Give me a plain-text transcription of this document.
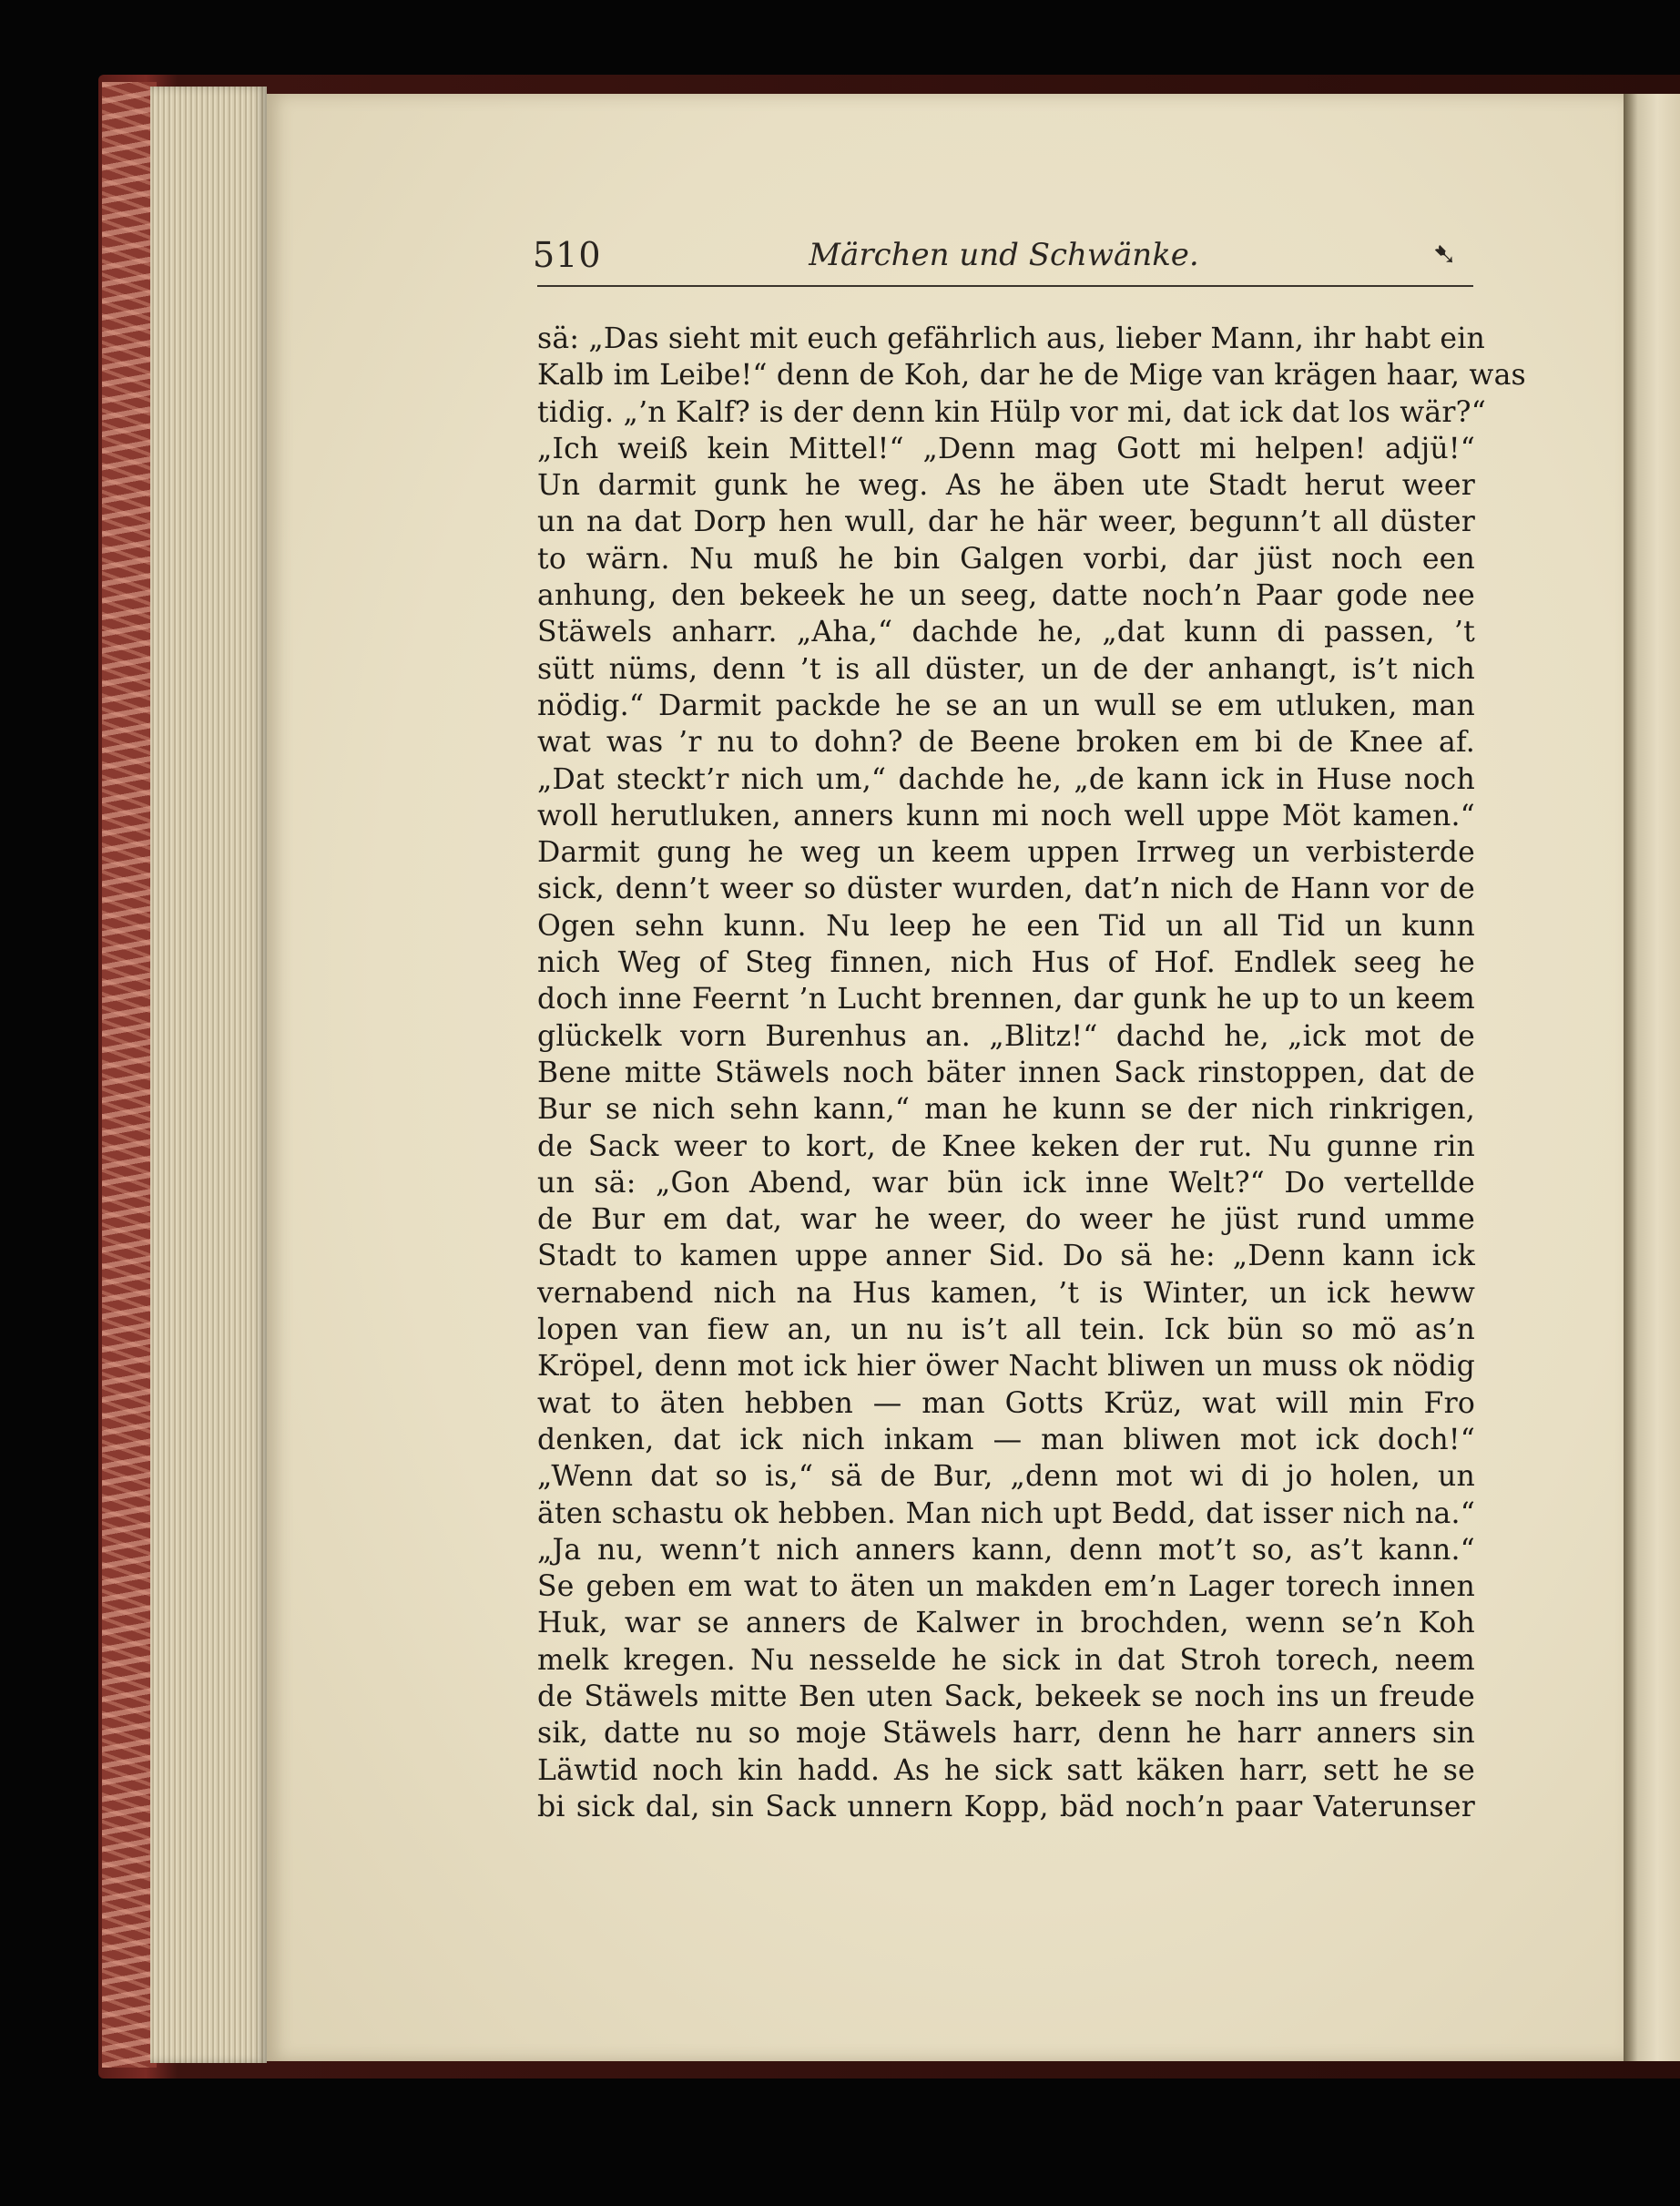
510	Märchen und Schwänke.	➷
sä: „Das sieht mit euch gefährlich aus, lieber Mann, ihr habt ein
Kalb im Leibe!“ denn de Koh, dar he de Mige van krägen haar, was
tidig. „’n Kalf? is der denn kin Hülp vor mi, dat ick dat los wär?“
„Ich weiß kein Mittel!“ „Denn mag Gott mi helpen! adjü!“
Un darmit gunk he weg. As he äben ute Stadt herut weer
un na dat Dorp hen wull, dar he här weer, begunn’t all düster
to wärn. Nu muß he bin Galgen vorbi, dar jüst noch een
anhung, den bekeek he un seeg, datte noch’n Paar gode nee
Stäwels anharr. „Aha,“ dachde he, „dat kunn di passen, ’t
sütt nüms, denn ’t is all düster, un de der anhangt, is’t nich
nödig.“ Darmit packde he se an un wull se em utluken, man
wat was ’r nu to dohn? de Beene broken em bi de Knee af.
„Dat steckt’r nich um,“ dachde he, „de kann ick in Huse noch
woll herutluken, anners kunn mi noch well uppe Möt kamen.“
Darmit gung he weg un keem uppen Irrweg un verbisterde
sick, denn’t weer so düster wurden, dat’n nich de Hann vor de
Ogen sehn kunn. Nu leep he een Tid un all Tid un kunn
nich Weg of Steg finnen, nich Hus of Hof. Endlek seeg he
doch inne Feernt ’n Lucht brennen, dar gunk he up to un keem
glückelk vorn Burenhus an. „Blitz!“ dachd he, „ick mot de
Bene mitte Stäwels noch bäter innen Sack rinstoppen, dat de
Bur se nich sehn kann,“ man he kunn se der nich rinkrigen,
de Sack weer to kort, de Knee keken der rut. Nu gunne rin
un sä: „Gon Abend, war bün ick inne Welt?“ Do vertellde
de Bur em dat, war he weer, do weer he jüst rund umme
Stadt to kamen uppe anner Sid. Do sä he: „Denn kann ick
vernabend nich na Hus kamen, ’t is Winter, un ick heww
lopen van fiew an, un nu is’t all tein. Ick bün so mö as’n
Kröpel, denn mot ick hier öwer Nacht bliwen un muss ok nödig
wat to äten hebben — man Gotts Krüz, wat will min Fro
denken, dat ick nich inkam — man bliwen mot ick doch!“
„Wenn dat so is,“ sä de Bur, „denn mot wi di jo holen, un
äten schastu ok hebben. Man nich upt Bedd, dat isser nich na.“
„Ja nu, wenn’t nich anners kann, denn mot’t so, as’t kann.“
Se geben em wat to äten un makden em’n Lager torech innen
Huk, war se anners de Kalwer in brochden, wenn se’n Koh
melk kregen. Nu nesselde he sick in dat Stroh torech, neem
de Stäwels mitte Ben uten Sack, bekeek se noch ins un freude
sik, datte nu so moje Stäwels harr, denn he harr anners sin
Läwtid noch kin hadd. As he sick satt käken harr, sett he se
bi sick dal, sin Sack unnern Kopp, bäd noch’n paar Vaterunser
